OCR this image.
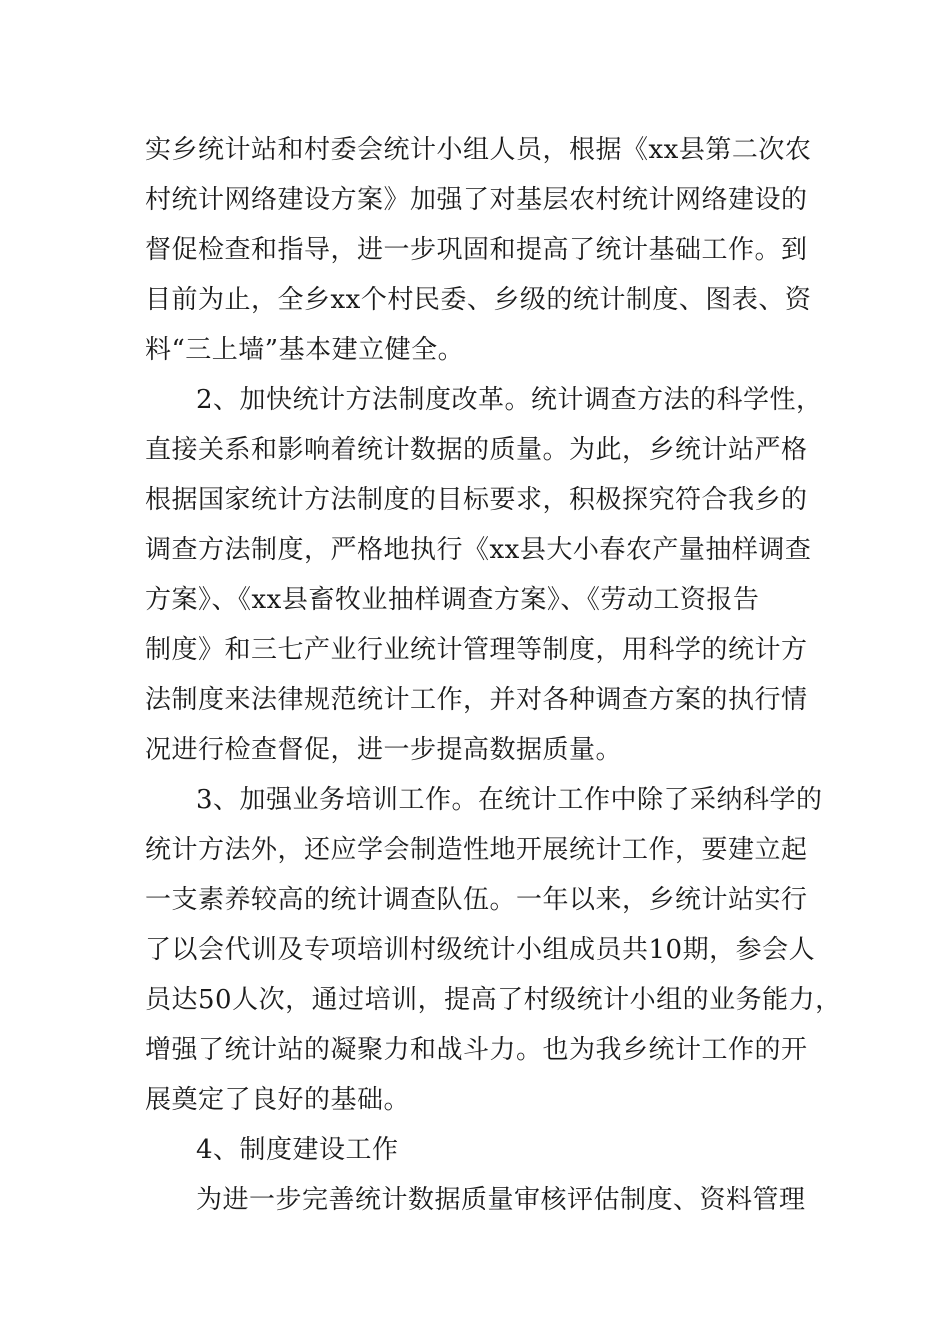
实乡统计站和村委会统计小组人员，根据《xx县第二次农
村统计网络建设方案》加强了对基层农村统计网络建设的
督促检查和指导，进一步巩固和提高了统计基础工作。到
目前为止，全乡xx个村民委、乡级的统计制度、图表、资
料“三上墙”基本建立健全。
2、加快统计方法制度改革。统计调查方法的科学性，
直接关系和影响着统计数据的质量。为此，乡统计站严格
根据国家统计方法制度的目标要求，积极探究符合我乡的
调查方法制度，严格地执行《xx县大小春农产量抽样调查
方案》、《xx县畜牧业抽样调查方案》、《劳动工资报告
制度》和三七产业行业统计管理等制度，用科学的统计方
法制度来法律规范统计工作，并对各种调查方案的执行情
况进行检查督促，进一步提高数据质量。
3、加强业务培训工作。在统计工作中除了采纳科学的
统计方法外，还应学会制造性地开展统计工作，要建立起
一支素养较高的统计调查队伍。一年以来，乡统计站实行
了以会代训及专项培训村级统计小组成员共10期，参会人
员达50人次，通过培训，提高了村级统计小组的业务能力，
增强了统计站的凝聚力和战斗力。也为我乡统计工作的开
展奠定了良好的基础。
4、制度建设工作
为进一步完善统计数据质量审核评估制度、资料管理
